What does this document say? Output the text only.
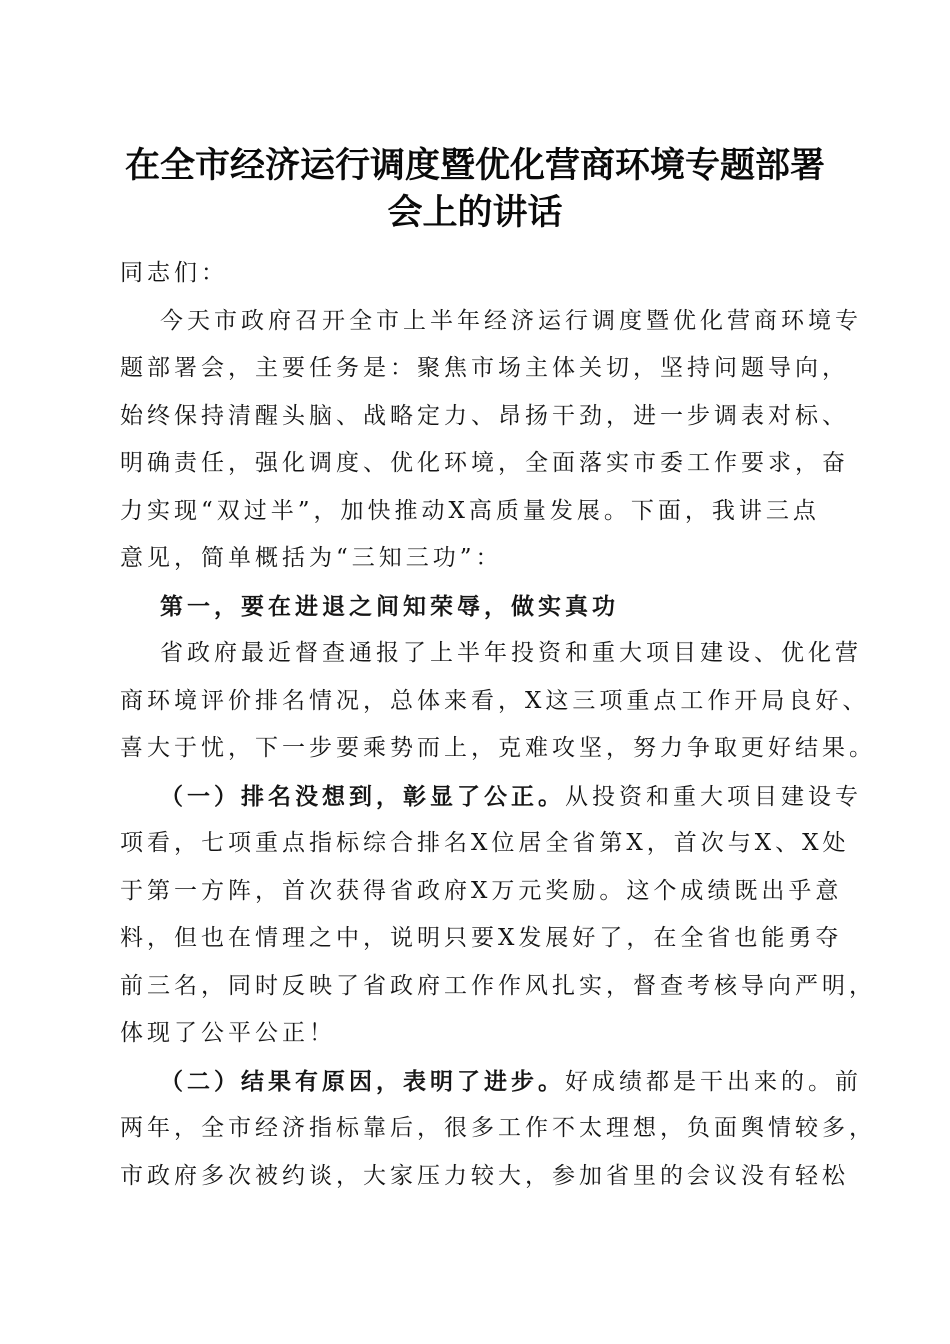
在全市经济运行调度暨优化营商环境专题部署
会上的讲话
同志们：
今天市政府召开全市上半年经济运行调度暨优化营商环境专
题部署会，主要任务是：聚焦市场主体关切，坚持问题导向，
始终保持清醒头脑、战略定力、昂扬干劲，进一步调表对标、
明确责任，强化调度、优化环境，全面落实市委工作要求，奋
力实现“双过半”，加快推动X高质量发展。下面，我讲三点
意见，简单概括为“三知三功”：
第一，要在进退之间知荣辱，做实真功
省政府最近督查通报了上半年投资和重大项目建设、优化营
商环境评价排名情况，总体来看，X这三项重点工作开局良好、
喜大于忧，下一步要乘势而上，克难攻坚，努力争取更好结果。
（一）排名没想到，彰显了公正。从投资和重大项目建设专
项看，七项重点指标综合排名X位居全省第X，首次与X、X处
于第一方阵，首次获得省政府X万元奖励。这个成绩既出乎意
料，但也在情理之中，说明只要X发展好了，在全省也能勇夺
前三名，同时反映了省政府工作作风扎实，督查考核导向严明，
体现了公平公正！
（二）结果有原因，表明了进步。好成绩都是干出来的。前
两年，全市经济指标靠后，很多工作不太理想，负面舆情较多，
市政府多次被约谈，大家压力较大，参加省里的会议没有轻松
